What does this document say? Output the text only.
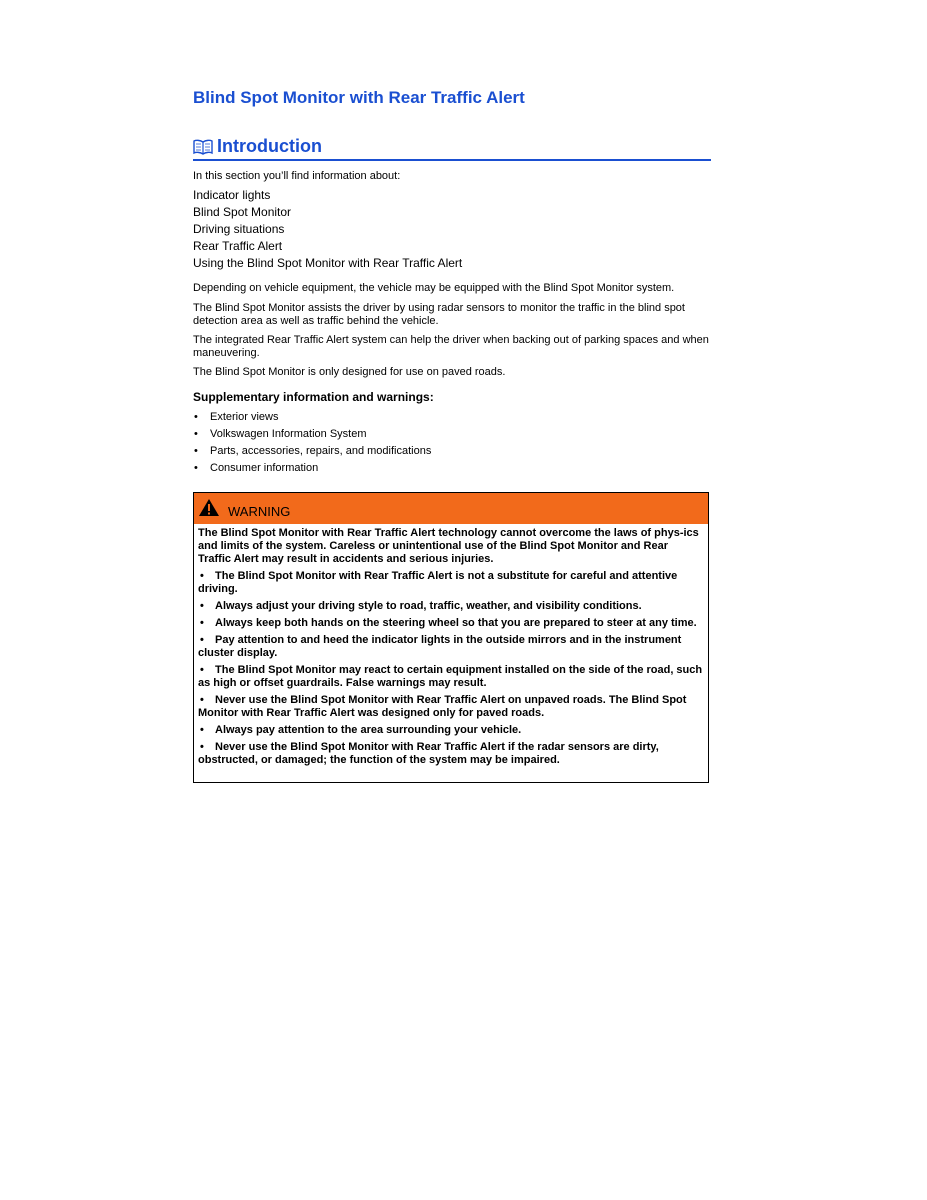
Blind Spot Monitor with Rear Traffic Alert
Introduction
In this section you’ll find information about:
Indicator lights
Blind Spot Monitor
Driving situations
Rear Traffic Alert
Using the Blind Spot Monitor with Rear Traffic Alert

Depending on vehicle equipment, the vehicle may be equipped with the Blind Spot Monitor system.

The Blind Spot Monitor assists the driver by using radar sensors to monitor the traffic in the blind spot detection area as well as traffic behind the vehicle.

The integrated Rear Traffic Alert system can help the driver when backing out of parking spaces and when maneuvering.

The Blind Spot Monitor is only designed for use on paved roads.

Supplementary information and warnings:
• Exterior views
• Volkswagen Information System
• Parts, accessories, repairs, and modifications
• Consumer information
WARNING

The Blind Spot Monitor with Rear Traffic Alert technology cannot overcome the laws of phys-ics and limits of the system. Careless or unintentional use of the Blind Spot Monitor and Rear Traffic Alert may result in accidents and serious injuries.

• The Blind Spot Monitor with Rear Traffic Alert is not a substitute for careful and attentive driving.
• Always adjust your driving style to road, traffic, weather, and visibility conditions.
• Always keep both hands on the steering wheel so that you are prepared to steer at any time.
• Pay attention to and heed the indicator lights in the outside mirrors and in the instrument cluster display.
• The Blind Spot Monitor may react to certain equipment installed on the side of the road, such as high or offset guardrails. False warnings may result.
• Never use the Blind Spot Monitor with Rear Traffic Alert on unpaved roads. The Blind Spot Monitor with Rear Traffic Alert was designed only for paved roads.
• Always pay attention to the area surrounding your vehicle.
• Never use the Blind Spot Monitor with Rear Traffic Alert if the radar sensors are dirty, obstructed, or damaged; the function of the system may be impaired.
